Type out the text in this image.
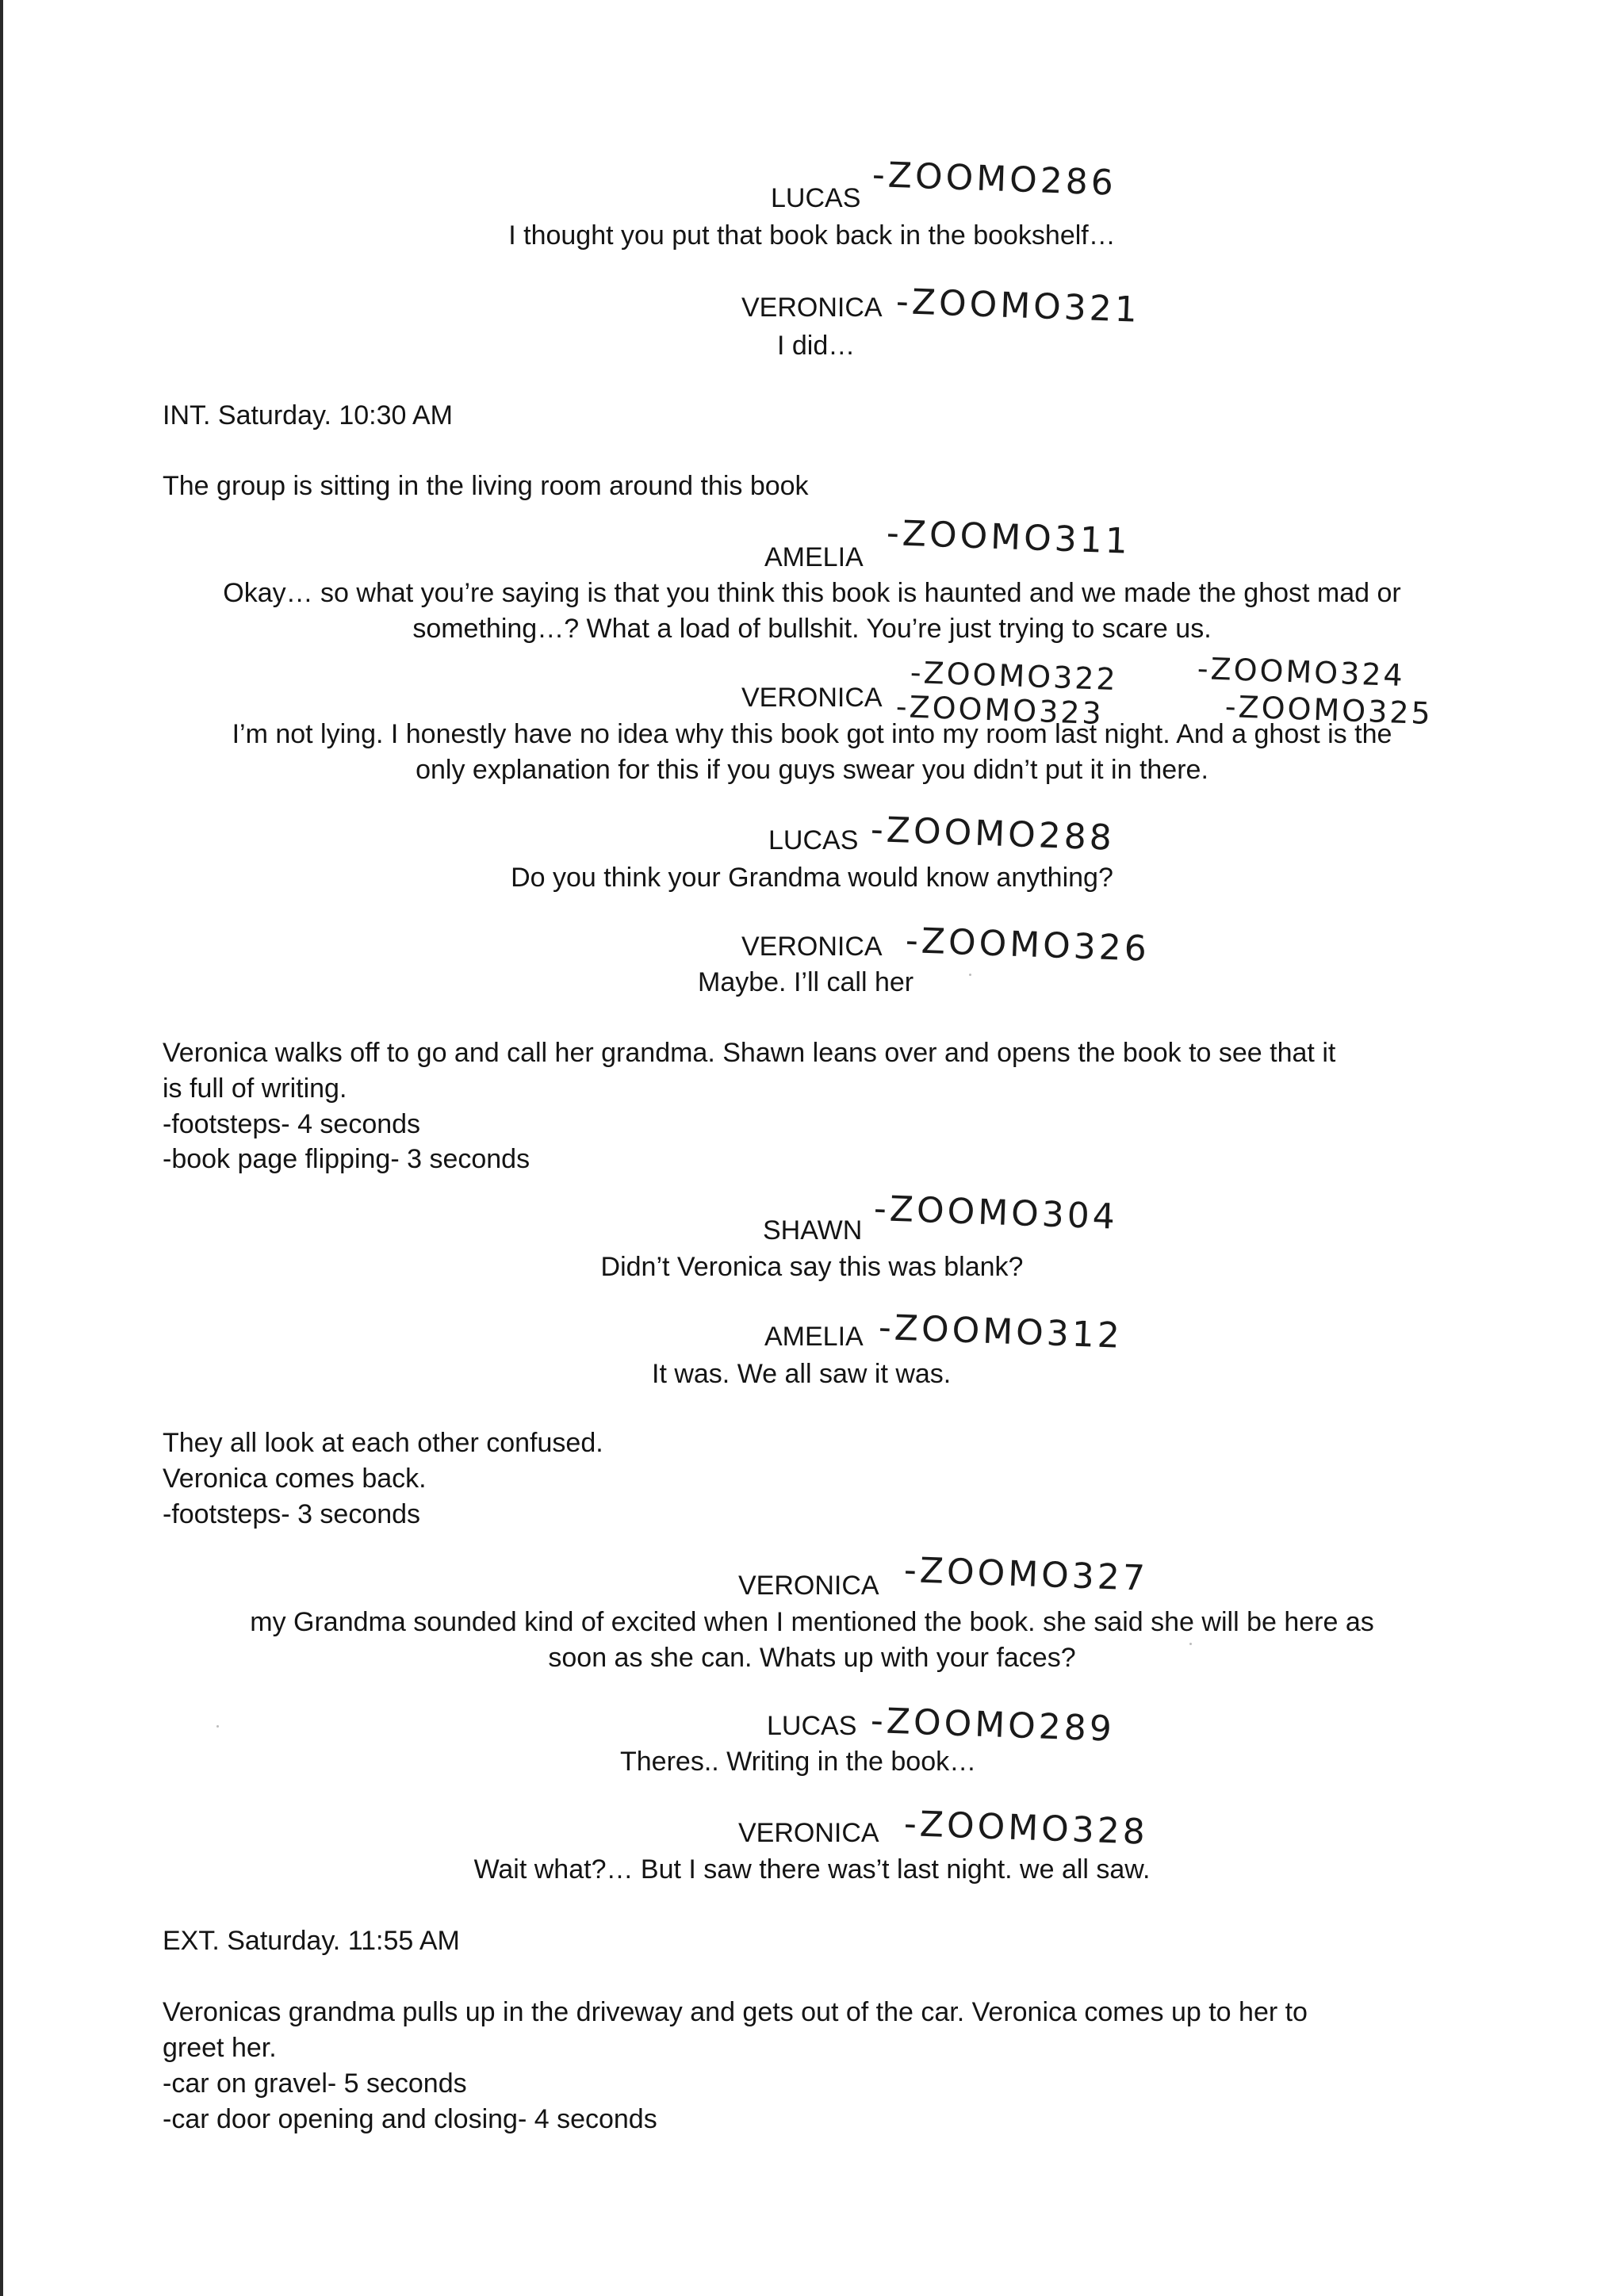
LUCAS -ZOOMO286
I thought you put that book back in the bookshelf…
VERONICA -ZOOMO321
I did…
INT. Saturday. 10:30 AM
The group is sitting in the living room around this book
AMELIA -ZOOMO311
Okay… so what you’re saying is that you think this book is haunted and we made the ghost mad or
something…? What a load of bullshit. You’re just trying to scare us.
-ZOOMO322	-ZOOMO324
VERONICA -ZOOMO323	-ZOOMO325
I’m not lying. I honestly have no idea why this book got into my room last night. And a ghost is the
only explanation for this if you guys swear you didn’t put it in there.
LUCAS -ZOOMO288
Do you think your Grandma would know anything?
VERONICA -ZOOMO326
Maybe. I’ll call her
Veronica walks off to go and call her grandma. Shawn leans over and opens the book to see that it
is full of writing.
-footsteps- 4 seconds
-book page flipping- 3 seconds
SHAWN -ZOOMO304
Didn’t Veronica say this was blank?
AMELIA -ZOOMO312
It was. We all saw it was.
They all look at each other confused.
Veronica comes back.
-footsteps- 3 seconds
VERONICA -ZOOMO327
my Grandma sounded kind of excited when I mentioned the book. she said she will be here as
soon as she can. Whats up with your faces?
LUCAS -ZOOMO289
Theres.. Writing in the book…
VERONICA -ZOOMO328
Wait what?… But I saw there was’t last night. we all saw.
EXT. Saturday. 11:55 AM
Veronicas grandma pulls up in the driveway and gets out of the car. Veronica comes up to her to
greet her.
-car on gravel- 5 seconds
-car door opening and closing- 4 seconds
